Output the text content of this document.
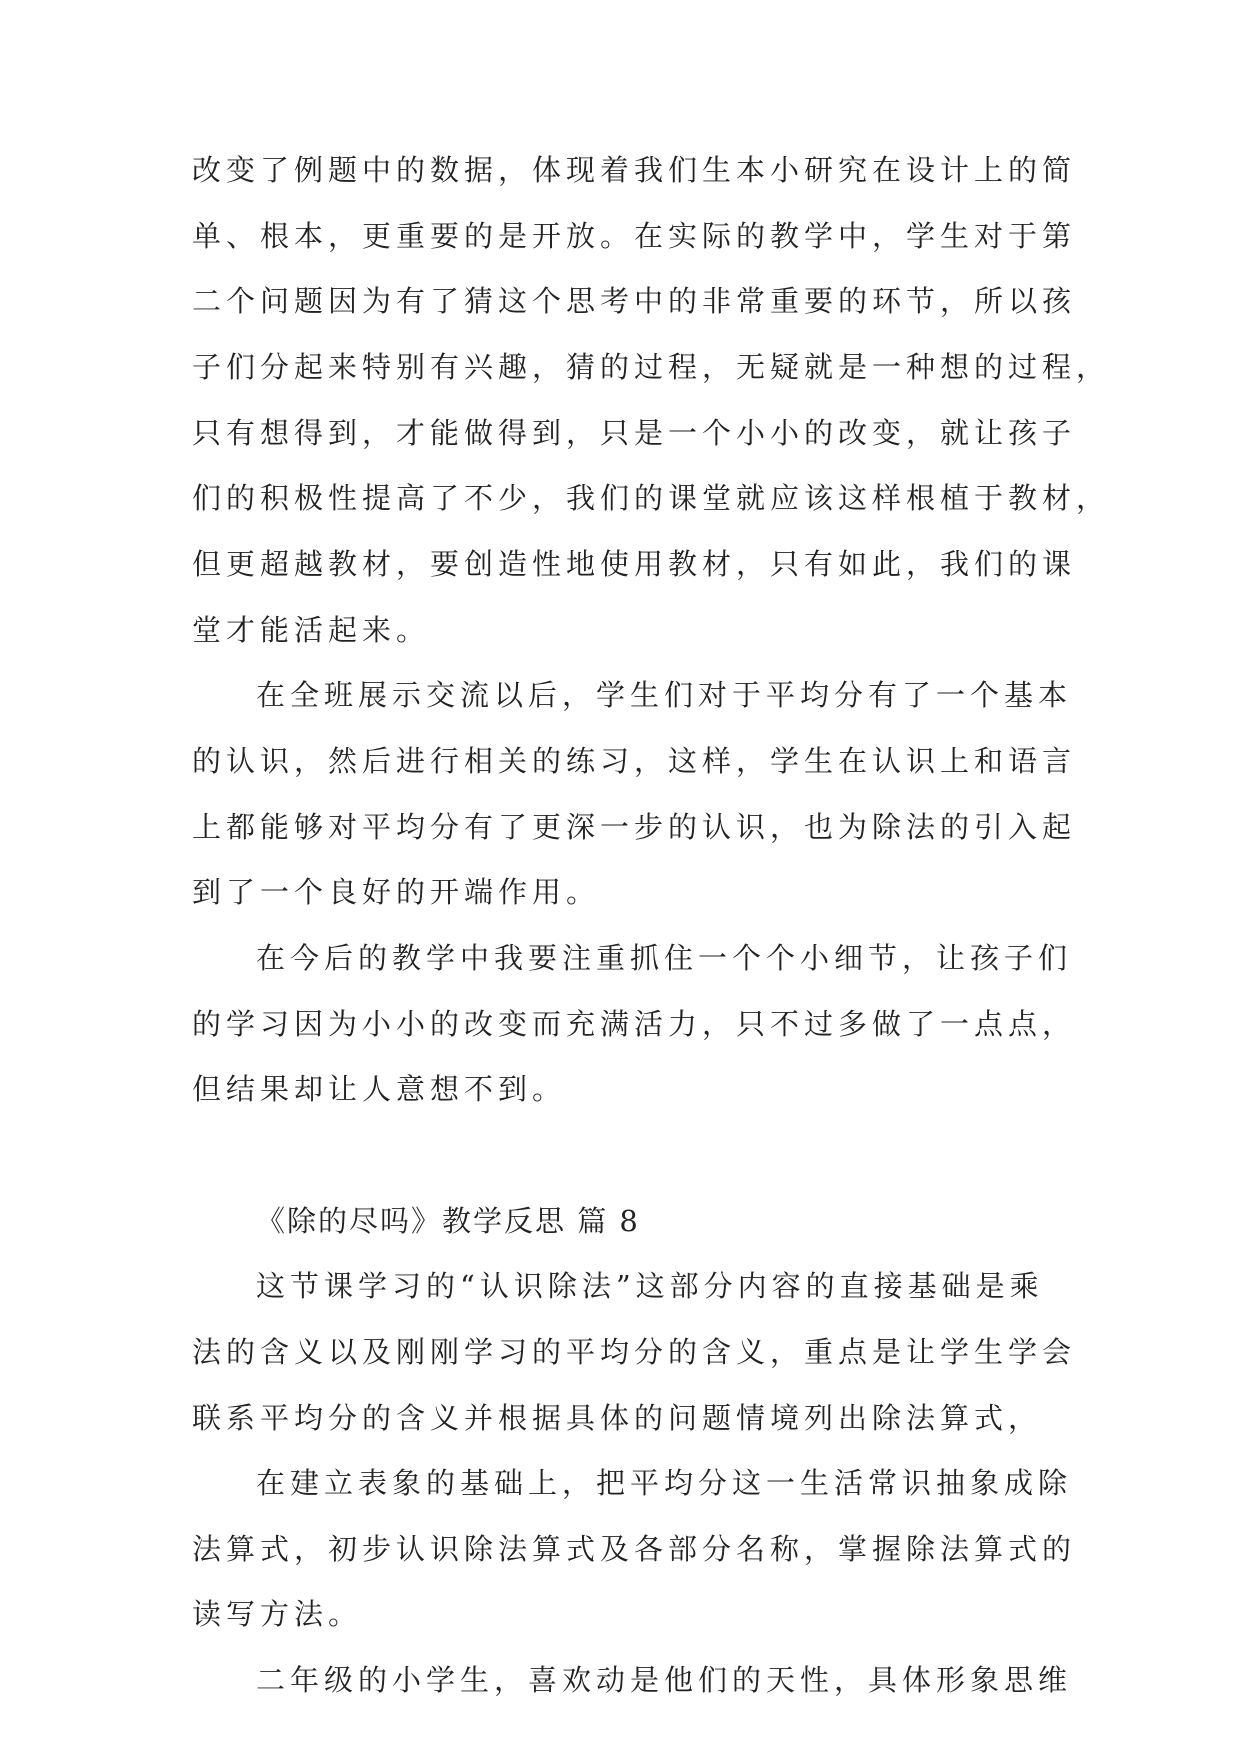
改变了例题中的数据，体现着我们生本小研究在设计上的简
单、根本，更重要的是开放。在实际的教学中，学生对于第
二个问题因为有了猜这个思考中的非常重要的环节，所以孩
子们分起来特别有兴趣，猜的过程，无疑就是一种想的过程，
只有想得到，才能做得到，只是一个小小的改变，就让孩子
们的积极性提高了不少，我们的课堂就应该这样根植于教材，
但更超越教材，要创造性地使用教材，只有如此，我们的课
堂才能活起来。
在全班展示交流以后，学生们对于平均分有了一个基本
的认识，然后进行相关的练习，这样，学生在认识上和语言
上都能够对平均分有了更深一步的认识，也为除法的引入起
到了一个良好的开端作用。
在今后的教学中我要注重抓住一个个小细节，让孩子们
的学习因为小小的改变而充满活力，只不过多做了一点点，
但结果却让人意想不到。
《除的尽吗》教学反思 篇 8
这节课学习的“认识除法”这部分内容的直接基础是乘
法的含义以及刚刚学习的平均分的含义，重点是让学生学会
联系平均分的含义并根据具体的问题情境列出除法算式，
在建立表象的基础上，把平均分这一生活常识抽象成除
法算式，初步认识除法算式及各部分名称，掌握除法算式的
读写方法。
二年级的小学生，喜欢动是他们的天性，具体形象思维
